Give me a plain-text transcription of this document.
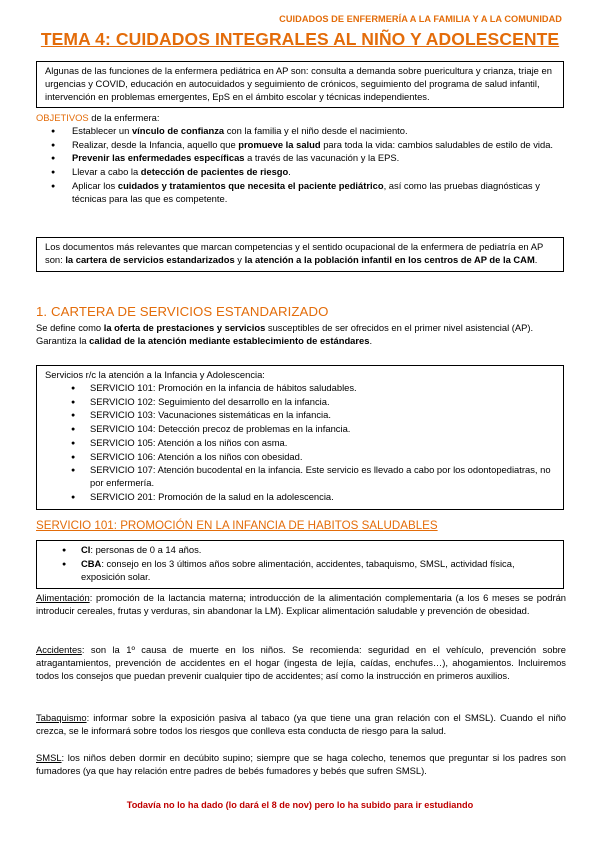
CUIDADOS DE ENFERMERÍA A LA FAMILIA Y A LA COMUNIDAD
TEMA 4: CUIDADOS INTEGRALES AL NIÑO Y ADOLESCENTE

Algunas de las funciones de la enfermera pediátrica en AP son: consulta a demanda sobre puericultura y crianza, triaje en urgencias y COVID, educación en autocuidados y seguimiento de crónicos, seguimiento del programa de salud infantil, intervención en problemas emergentes, EpS en el ámbito escolar y técnicas independientes.

OBJETIVOS de la enfermera:

● Establecer un vínculo de confianza con la familia y el niño desde el nacimiento.
● Realizar, desde la Infancia, aquello que promueve la salud para toda la vida: cambios saludables de estilo de vida.
● Prevenir las enfermedades específicas a través de las vacunación y la EPS.
● Llevar a cabo la detección de pacientes de riesgo.
● Aplicar los cuidados y tratamientos que necesita el paciente pediátrico, así como las pruebas diagnósticas y técnicas para las que es competente.

Los documentos más relevantes que marcan competencias y el sentido ocupacional de la enfermera de pediatría en AP son: la cartera de servicios estandarizados y la atención a la población infantil en los centros de AP de la CAM.

1. CARTERA DE SERVICIOS ESTANDARIZADO

Se define como la oferta de prestaciones y servicios susceptibles de ser ofrecidos en el primer nivel asistencial (AP). Garantiza la calidad de la atención mediante establecimiento de estándares.

Servicios r/c la atención a la Infancia y Adolescencia:

● SERVICIO 101: Promoción en la infancia de hábitos saludables.
● SERVICIO 102: Seguimiento del desarrollo en la infancia.
● SERVICIO 103: Vacunaciones sistemáticas en la infancia.
● SERVICIO 104: Detección precoz de problemas en la infancia.
● SERVICIO 105: Atención a los niños con asma.
● SERVICIO 106: Atención a los niños con obesidad.
● SERVICIO 107: Atención bucodental en la infancia. Este servicio es llevado a cabo por los odontopediatras, no por enfermería.
● SERVICIO 201: Promoción de la salud en la adolescencia.
SERVICIO 101: PROMOCIÓN EN LA INFANCIA DE HABITOS SALUDABLES
● CI: personas de 0 a 14 años.
● CBA: consejo en los 3 últimos años sobre alimentación, accidentes, tabaquismo, SMSL, actividad física, exposición solar.

Alimentación: promoción de la lactancia materna; introducción de la alimentación complementaria (a los 6 meses se podrán introducir cereales, frutas y verduras, sin abandonar la LM). Explicar alimentación saludable y prevención de obesidad.

Accidentes: son la 1º causa de muerte en los niños. Se recomienda: seguridad en el vehículo, prevención sobre atragantamientos, prevención de accidentes en el hogar (ingesta de lejía, caídas, enchufes…), ahogamientos. Incluiremos todos los consejos que puedan prevenir cualquier tipo de accidentes; así como la instrucción en primeros auxilios.

Tabaquismo: informar sobre la exposición pasiva al tabaco (ya que tiene una gran relación con el SMSL). Cuando el niño crezca, se le informará sobre todos los riesgos que conlleva esta conducta de riesgo para la salud.

SMSL: los niños deben dormir en decúbito supino; siempre que se haga colecho, tenemos que preguntar si los padres son fumadores (ya que hay relación entre padres de bebés fumadores y bebés que sufren SMSL).

Todavía no lo ha dado (lo dará el 8 de nov) pero lo ha subido para ir estudiando
